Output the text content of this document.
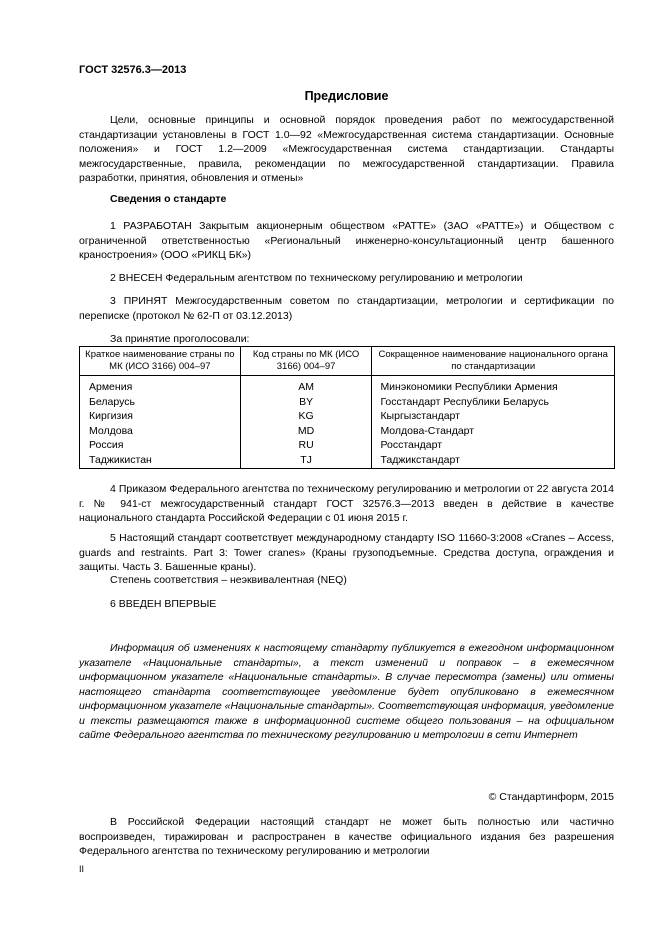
ГОСТ 32576.3—2013
Предисловие

Цели, основные принципы и основной порядок проведения работ по межгосударственной стандартизации установлены в ГОСТ 1.0—92 «Межгосударственная система стандартизации. Основные положения» и ГОСТ 1.2—2009 «Межгосударственная система стандартизации. Стандарты межгосударственные, правила, рекомендации по межгосударственной стандартизации. Правила разработки, принятия, обновления и отмены»

Сведения о стандарте

1 РАЗРАБОТАН Закрытым акционерным обществом «РАТТЕ» (ЗАО «РАТТЕ») и Обществом с ограниченной ответственностью «Региональный инженерно-консультационный центр башенного краностроения» (ООО «РИКЦ БК»)

2 ВНЕСЕН Федеральным агентством по техническому регулированию и метрологии

3 ПРИНЯТ Межгосударственным советом по стандартизации, метрологии и сертификации по переписке (протокол № 62-П от 03.12.2013)

За принятие проголосовали:
Краткое наименование страны по МК (ИСО 3166) 004–97	Код страны по МК (ИСО 3166) 004–97	Сокращенное наименование национального органа по стандартизации
Армения	AM	Минэкономики Республики Армения
Беларусь	BY	Госстандарт Республики Беларусь
Киргизия	KG	Кыргызстандарт
Молдова	MD	Молдова-Стандарт
Россия	RU	Росстандарт
Таджикистан	TJ	Таджикстандарт

4 Приказом Федерального агентства по техническому регулированию и метрологии от 22 августа 2014 г. № 941-ст межгосударственный стандарт ГОСТ 32576.3—2013 введен в действие в качестве национального стандарта Российской Федерации с 01 июня 2015 г.

5 Настоящий стандарт соответствует международному стандарту ISO 11660-3:2008 «Cranes – Access, guards and restraints. Part 3: Tower cranes» (Краны грузоподъемные. Средства доступа, ограждения и защиты. Часть 3. Башенные краны).

Степень соответствия – неэквивалентная (NEQ)
6 ВВЕДЕН ВПЕРВЫЕ

Информация об изменениях к настоящему стандарту публикуется в ежегодном информационном указателе «Национальные стандарты», а текст изменений и поправок – в ежемесячном информационном указателе «Национальные стандарты». В случае пересмотра (замены) или отмены настоящего стандарта соответствующее уведомление будет опубликовано в ежемесячном информационном указателе «Национальные стандарты». Соответствующая информация, уведомление и тексты размещаются также в информационной системе общего пользования – на официальном сайте Федерального агентства по техническому регулированию и метрологии в сети Интернет

© Стандартинформ, 2015

В Российской Федерации настоящий стандарт не может быть полностью или частично воспроизведен, тиражирован и распространен в качестве официального издания без разрешения Федерального агентства по техническому регулированию и метрологии

II
